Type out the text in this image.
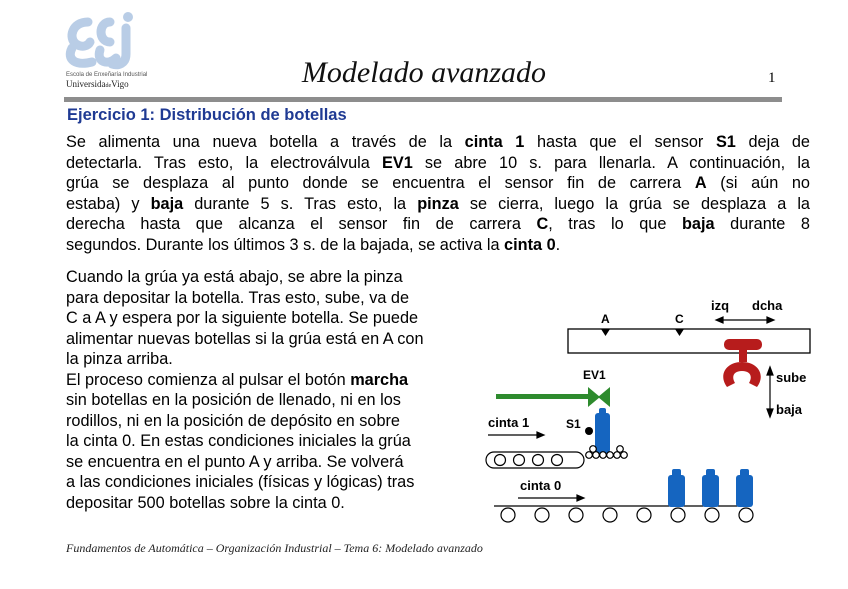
Escola de Enxeñaría Industrial
UniversidadeVigo	Modelado avanzado	1
Ejercicio 1: Distribución de botellas
Se alimenta una nueva botella a través de la cinta 1 hasta que el sensor S1 deja de
detectarla. Tras esto, la electroválvula EV1 se abre 10 s. para llenarla. A continuación, la
grúa se desplaza al punto donde se encuentra el sensor fin de carrera A (si aún no
estaba) y baja durante 5 s. Tras esto, la pinza se cierra, luego la grúa se desplaza a la
derecha hasta que alcanza el sensor fin de carrera C, tras lo que baja durante 8
segundos. Durante los últimos 3 s. de la bajada, se activa la cinta 0.
Cuando la grúa ya está abajo, se abre la pinza
para depositar la botella. Tras esto, sube, va de
C a A y espera por la siguiente botella. Se puede
alimentar nuevas botellas si la grúa está en A con
la pinza arriba.
El proceso comienza al pulsar el botón marcha
sin botellas en la posición de llenado, ni en los
rodillos, ni en la posición de depósito en sobre
la cinta 0. En estas condiciones iniciales la grúa
se encuentra en el punto A y arriba. Se volverá
a las condiciones iniciales (físicas y lógicas) tras
depositar 500 botellas sobre la cinta 0.
A	C
izq dcha
sube
baja
EV1
S1
cinta 1
cinta 0
Fundamentos de Automática – Organización Industrial – Tema 6: Modelado avanzado
